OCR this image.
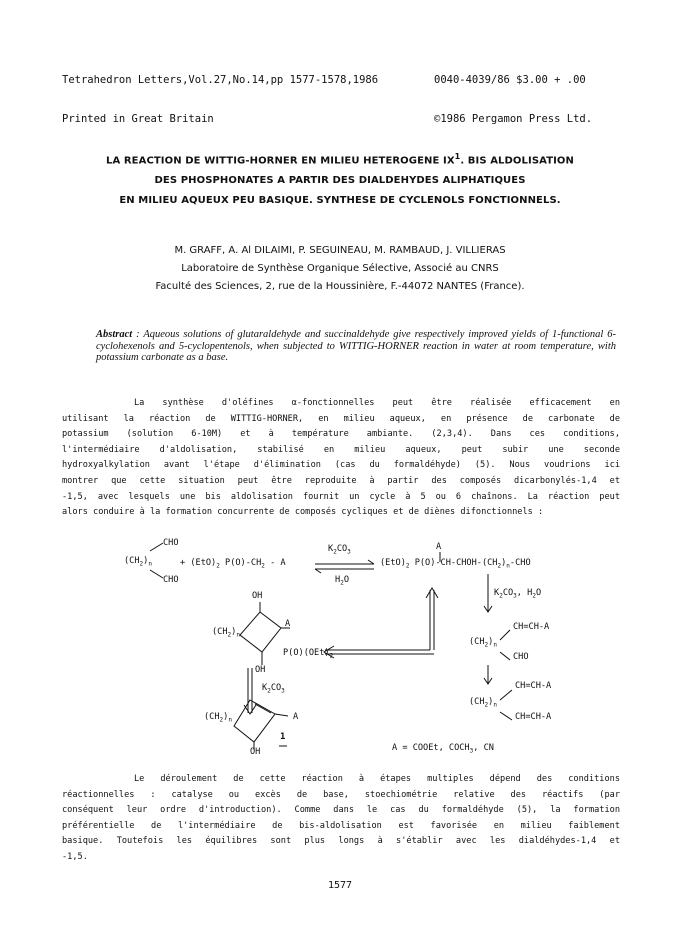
Tetrahedron Letters,Vol.27,No.14,pp 1577-1578,1986

Printed in Great Britain

0040-4039/86 $3.00 + .00

©1986 Pergamon Press Ltd.

LA REACTION DE WITTIG-HORNER EN MILIEU HETEROGENE $IX^1$. BIS ALDOLISATION
DES PHOSPHONATES A PARTIR DES DIALDEHYDES ALIPHATIQUES
EN MILIEU AQUEUX PEU BASIQUE. SYNTHESE DE CYCLENOLS FONCTIONNELS.
M. GRAFF, A. Al DILAIMI, P. SEGUINEAU, M. RAMBAUD, J. VILLIERAS
Laboratoire de Synthèse Organique Sélective, Associé au CNRS
Faculté des Sciences, 2, rue de la Houssinière, F.-44072 NANTES (France).
Abstract : Aqueous solutions of glutaraldehyde and succinaldehyde give respectively improved yields of 1-functional 6-cyclohexenols and 5-cyclopentenols, when subjected to WITTIG-HORNER reaction in water at room temperature, with potassium carbonate as a base.
La synthèse d'oléfines α-fonctionnelles peut être réalisée efficacement en
utilisant la réaction de WITTIG-HORNER, en milieu aqueux, en présence de carbonate de
potassium (solution 6-10M) et à température ambiante. (2,3,4). Dans ces conditions,
l'intermédiaire d'aldolisation, stabilisé en milieu aqueux, peut subir une seconde
hydroxyalkylation avant l'étape d'élimination (cas du formaldéhyde) (5). Nous voudrions ici
montrer que cette situation peut être reproduite à partir des composés dicarbonylés-1,4 et
-1,5, avec lesquels une bis aldolisation fournit un cycle à 5 ou 6 chaînons. La réaction peut
alors conduire à la formation concurrente de composés cycliques et de diènes difonctionnels :
CHO
$(CH_2)_n$
CHO
+ $(EtO)_2$ $P(O)-CH_2$ - A
$K_2CO_3$
$H_2O$
A
$(EtO)_2$ $P(O)-CH-CHOH-(CH_2)_n$-CHO
$K_2CO_3$, $H_2O$
OH
A
$(CH_2)_n$
$P(O)(OEt)_2$
OH
$K_2CO_3$
$(CH_2)_n$	A
1
OH
CH=CH-A
$(CH_2)_n$
CHO
CH=CH-A
$(CH_2)_n$
CH=CH-A
A = COOEt, $COCH_3$, CN
Le déroulement de cette réaction à étapes multiples dépend des conditions
réactionnelles : catalyse ou excès de base, stoechiométrie relative des réactifs (par
conséquent leur ordre d'introduction). Comme dans le cas du formaldéhyde (5), la formation
préférentielle de l'intermédiaire de bis-aldolisation est favorisée en milieu faiblement
basique. Toutefois les équilibres sont plus longs à s'établir avec les dialdéhydes-1,4 et
-1,5.
1577
